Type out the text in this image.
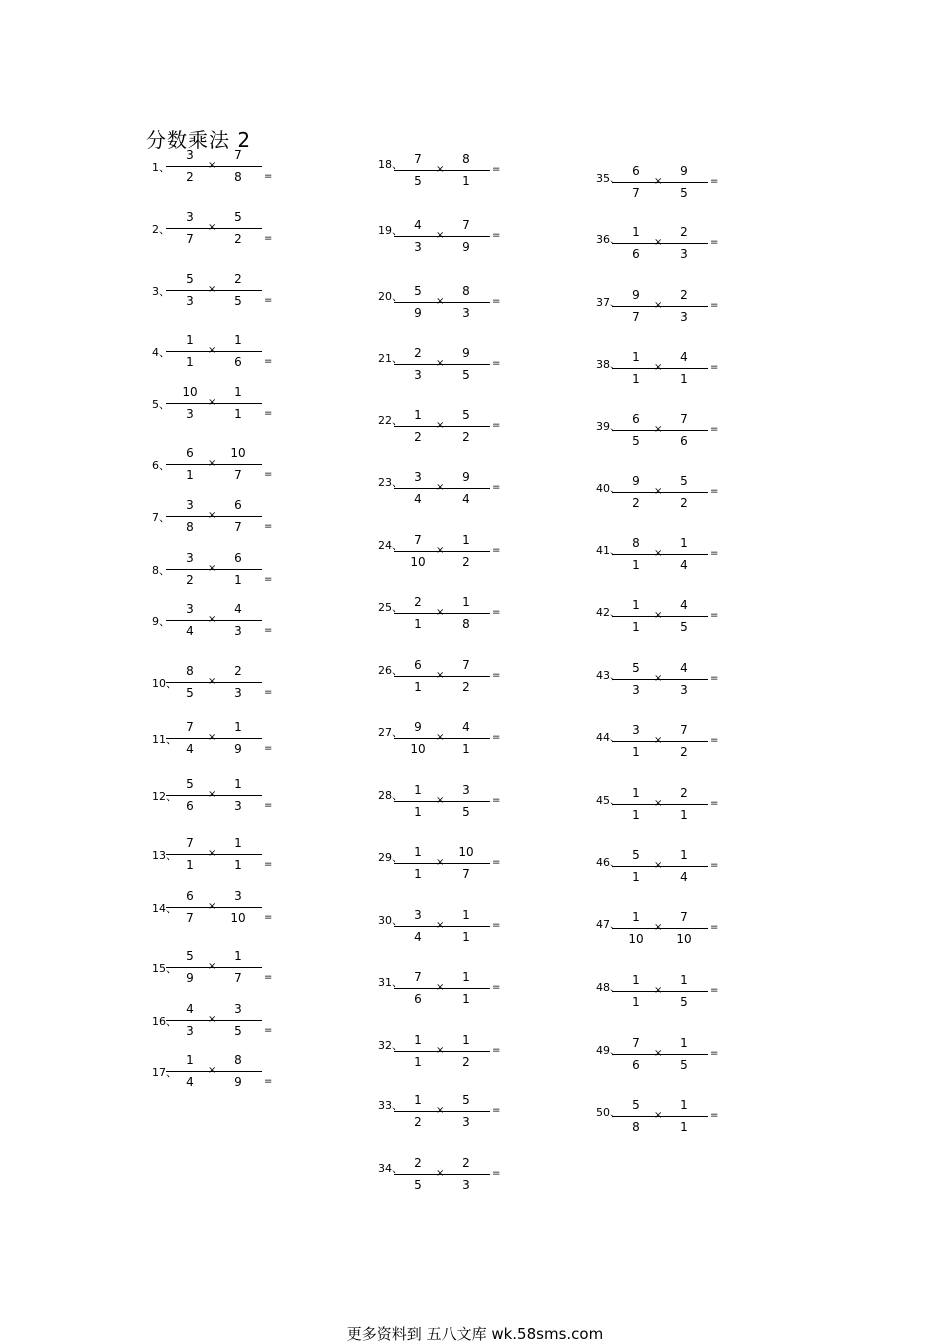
分数乘法 2
1、
3
2
×
7
8	=
2、
3
7
×
5
2	=
3、
5
3
×
2
5	=
4、
1
1
×
1
6	=
5、
10
3
×
1
1	=
6、
6
1
×
10
7	=
7、
3
8
×
6
7	=
8、
3
2
×
6
1	=
9、
3
4
×
4
3	=
10、
8
5
×
2
3	=
11、
7
4
×
1
9	=
12、
5
6
×
1
3	=
13、
7
1
×
1
1	=
14、
6
7
×
3
10	=
15、
5
9
×
1
7	=
16、
4
3
×
3
5	=
17、
1
4
×
8
9	=
18、 7
5
×
8
1
=
19、 4
3
×
7
9
=
20、 5
9
×
8
3
=
21、 2
3
×
9
5
=
22、 1
2
×
5
2
=
23、 3
4
×
9
4
=
24、 7
10
×
1
2
=
25、 2
1
×
1
8
=
26、 6
1
×
7
2
=
27、 9
10
×
4
1
=
28、 1
1
×
3
5
=
29、 1
1
×
10
7
=
30、 3
4
×
1
1
=
31、 7
6
×
1
1
=
32、 1
1
×
1
2
=
33、 1
2
×
5
3
=
34、 2
5
×
2
3
=
35、
6
7
×
9
5
=
36、
1
6
×
2
3
=
37、
9
7
×
2
3
=
38、
1
1
×
4
1
=
39、
6
5
×
7
6
=
40、
9
2
×
5
2
=
41、
8
1
×
1
4
=
42、
1
1
×
4
5
=
43、
5
3
×
4
3
=
44、
3
1
×
7
2
=
45、
1
1
×
2
1
=
46、
5
1
×
1
4
=
47、
1
10
×
7
10
=
48、
1
1
×
1
5
=
49、
7
6
×
1
5
=
50、
5
8
×
1
1
=
更多资料到 五八文库 wk.58sms.com
